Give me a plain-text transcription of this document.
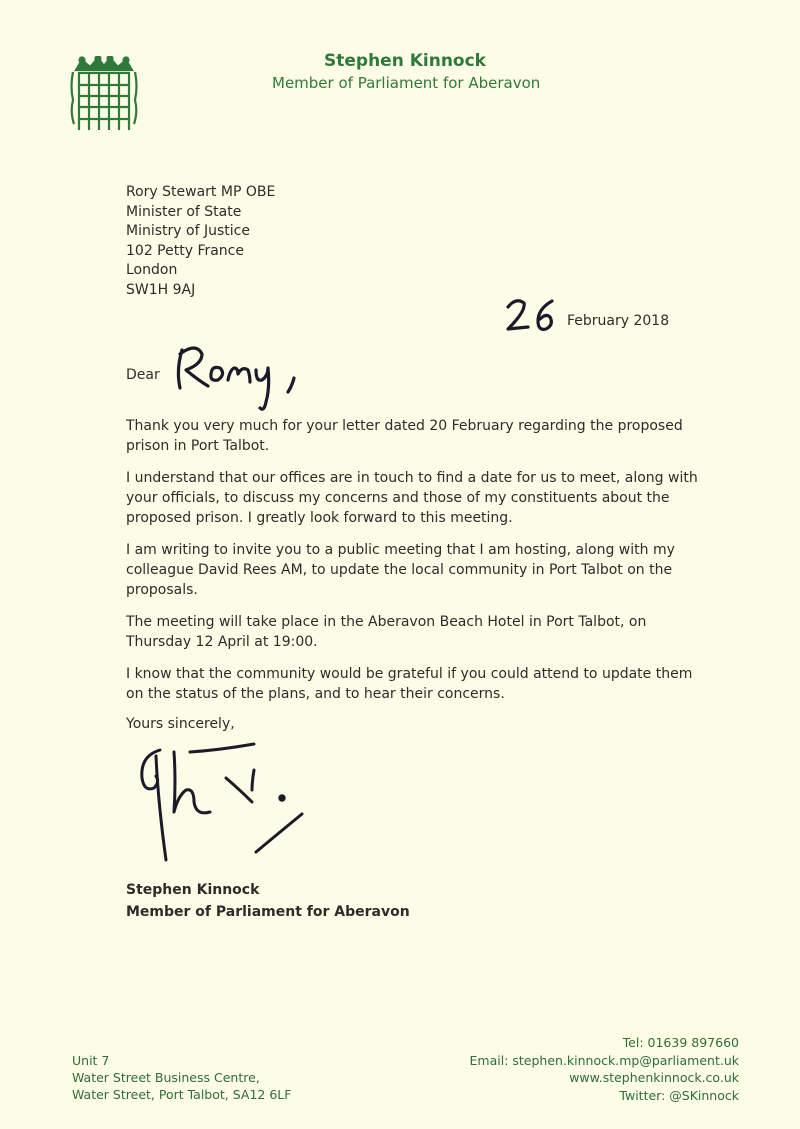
Stephen Kinnock
Member of Parliament for Aberavon
Rory Stewart MP OBE
Minister of State
Ministry of Justice
102 Petty France
London
SW1H 9AJ
February 2018
Dear

Thank you very much for your letter dated 20 February regarding the proposed prison in Port Talbot.

I understand that our offices are in touch to find a date for us to meet, along with your officials, to discuss my concerns and those of my constituents about the proposed prison. I greatly look forward to this meeting.

I am writing to invite you to a public meeting that I am hosting, along with my colleague David Rees AM, to update the local community in Port Talbot on the proposals.

The meeting will take place in the Aberavon Beach Hotel in Port Talbot, on Thursday 12 April at 19:00.

I know that the community would be grateful if you could attend to update them on the status of the plans, and to hear their concerns.

Yours sincerely,
Stephen Kinnock
Member of Parliament for Aberavon
Unit 7
Water Street Business Centre,
Water Street, Port Talbot, SA12 6LF
Tel: 01639 897660
Email: stephen.kinnock.mp@parliament.uk
www.stephenkinnock.co.uk
Twitter: @SKinnock
